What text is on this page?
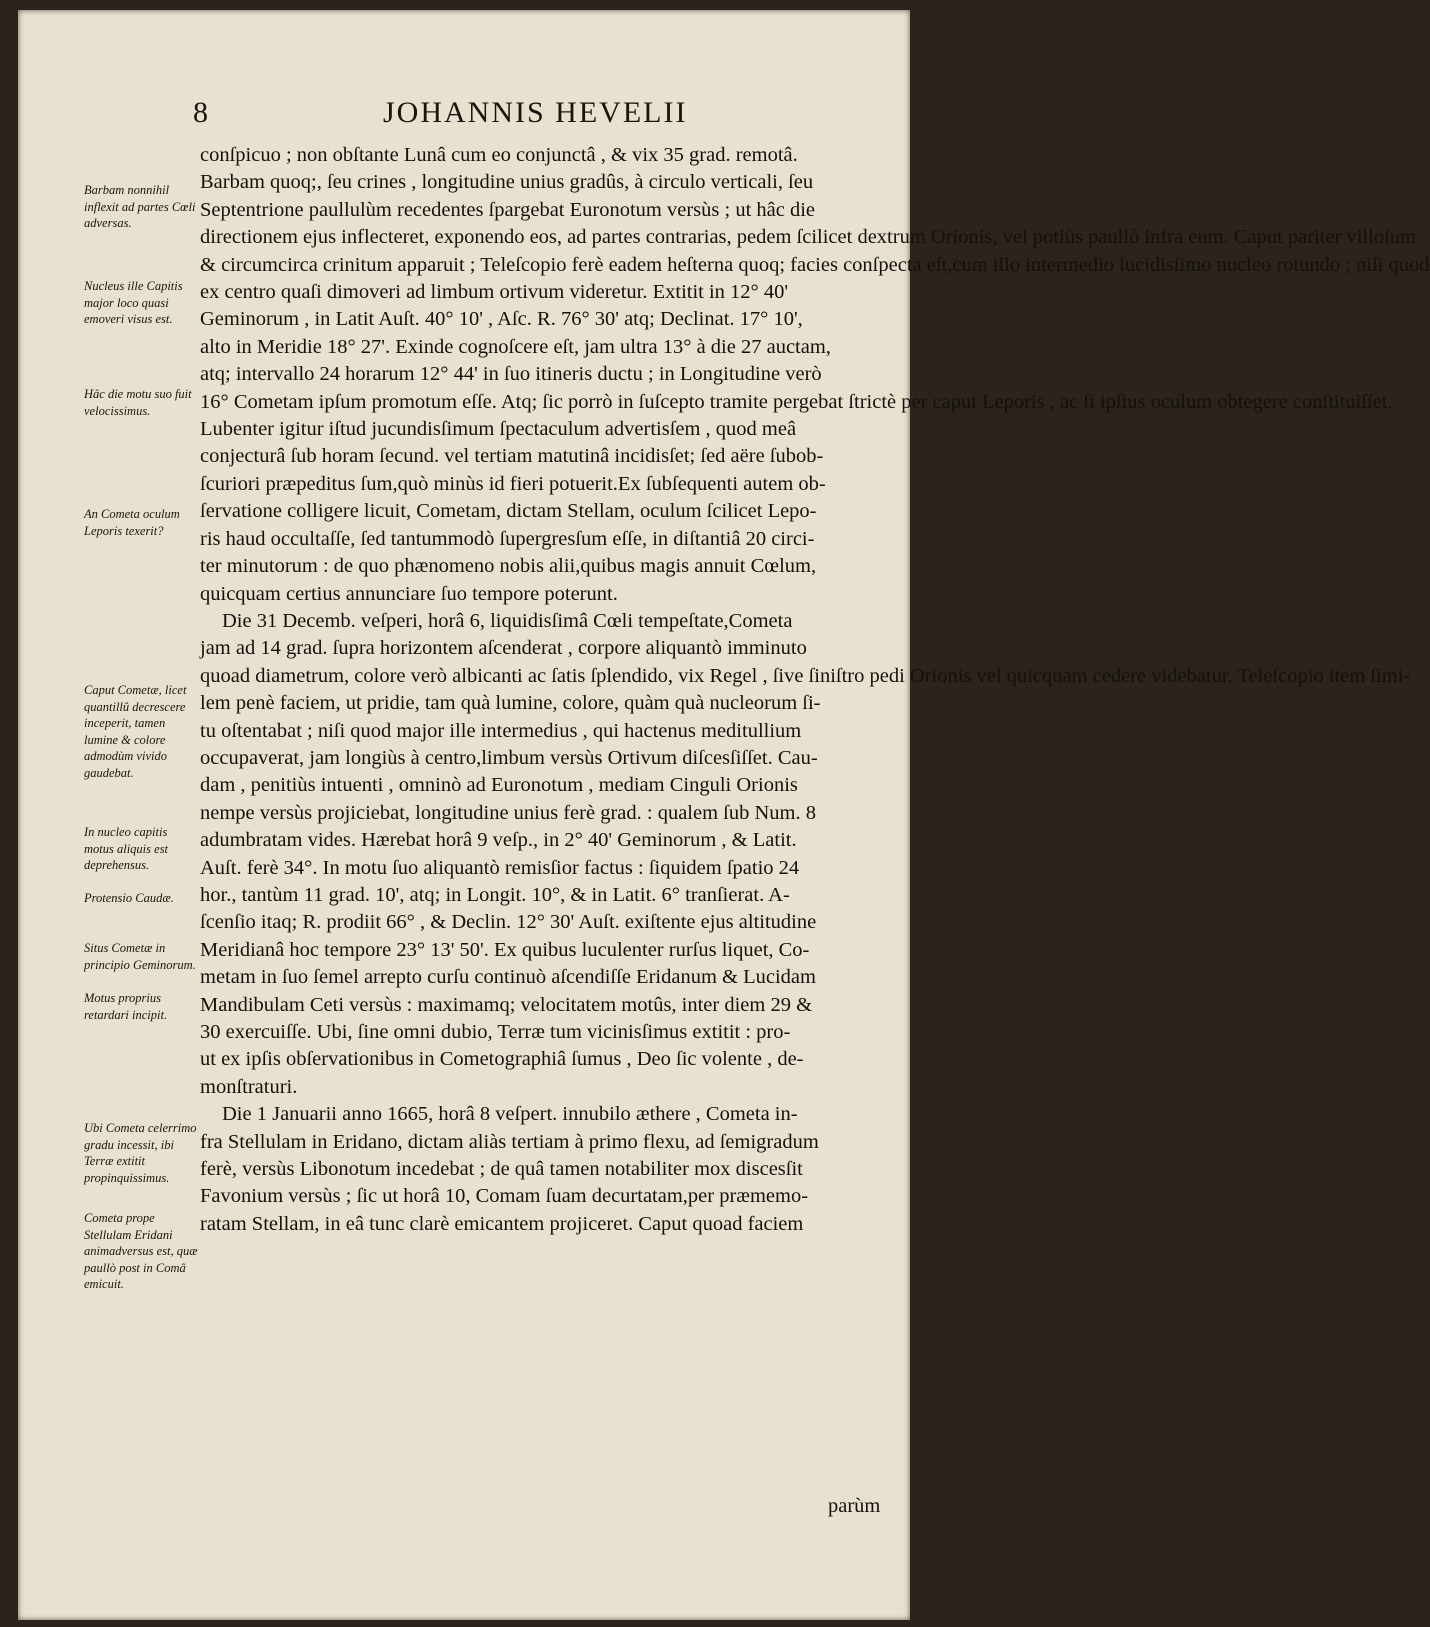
8	JOHANNIS HEVELII
Barbam nonnihil inflexit ad partes Cœli adversas.
Nucleus ille Capitis major loco quasi emoveri visus est.
Hâc die motu suo fuit velocissimus.
An Cometa oculum Leporis texerit?
Caput Cometæ, licet quantillû decrescere inceperit, tamen lumine & colore admodùm vivido gaudebat.
In nucleo capitis motus aliquis est deprehensus.
Protensio Caudæ.
Situs Cometæ in principio Geminorum.
Motus proprius retardari incipit.
Ubi Cometa celerrimo gradu incessit, ibi Terræ extitit propinquissimus.
Cometa prope Stellulam Eridani animadversus est, quæ paullò post in Comâ emicuit.
conſpicuo ; non obſtante Lunâ cum eo conjunctâ , & vix 35 grad. remotâ.
Barbam quoq;, ſeu crines , longitudine unius gradûs, à circulo verticali, ſeu
Septentrione paullulùm recedentes ſpargebat Euronotum versùs ; ut hâc die
directionem ejus inflecteret, exponendo eos, ad partes contrarias, pedem ſcilicet dextrum Orionis, vel potiùs paullò infra eum. Caput pariter villoſum
& circumcirca crinitum apparuit ; Teleſcopio ferè eadem heſterna quoq; facies conſpecta eſt,cum illo intermedio lucidisſimo nucleo rotundo ; niſi quod
ex centro quaſi dimoveri ad limbum ortivum videretur. Extitit in 12° 40'
Geminorum , in Latit Auſt. 40° 10' , Aſc. R. 76° 30' atq; Declinat. 17° 10',
alto in Meridie 18° 27'. Exinde cognoſcere eſt, jam ultra 13° à die 27 auctam,
atq; intervallo 24 horarum 12° 44' in ſuo itineris ductu ; in Longitudine verò
16° Cometam ipſum promotum eſſe. Atq; ſic porrò in ſuſcepto tramite pergebat ſtrictè per caput Leporis , ac ſi ipſius oculum obtegere conſtituiſſet.
Lubenter igitur iſtud jucundisſimum ſpectaculum advertisſem , quod meâ
conjecturâ ſub horam ſecund. vel tertiam matutinâ incidisſet; ſed aëre ſubob-
ſcuriori præpeditus ſum,quò minùs id fieri potuerit.Ex ſubſequenti autem ob-
ſervatione colligere licuit, Cometam, dictam Stellam, oculum ſcilicet Lepo-
ris haud occultaſſe, ſed tantummodò ſupergresſum eſſe, in diſtantiâ 20 circi-
ter minutorum : de quo phænomeno nobis alii,quibus magis annuit Cœlum,
quicquam certius annunciare ſuo tempore poterunt.
Die 31 Decemb. veſperi, horâ 6, liquidisſimâ Cœli tempeſtate,Cometa
jam ad 14 grad. ſupra horizontem aſcenderat , corpore aliquantò imminuto
quoad diametrum, colore verò albicanti ac ſatis ſplendido, vix Regel , ſive ſiniſtro pedi Orionis vel quicquam cedere videbatur. Teleſcopio item ſimi-
lem penè faciem, ut pridie, tam quà lumine, colore, quàm quà nucleorum ſi-
tu oſtentabat ; niſi quod major ille intermedius , qui hactenus meditullium
occupaverat, jam longiùs à centro,limbum versùs Ortivum diſcesſiſſet. Cau-
dam , penitiùs intuenti , omninò ad Euronotum , mediam Cinguli Orionis
nempe versùs projiciebat, longitudine unius ferè grad. : qualem ſub Num. 8
adumbratam vides. Hærebat horâ 9 veſp., in 2° 40' Geminorum , & Latit.
Auſt. ferè 34°. In motu ſuo aliquantò remisſior factus : ſiquidem ſpatio 24
hor., tantùm 11 grad. 10', atq; in Longit. 10°, & in Latit. 6° tranſierat. A-
ſcenſio itaq; R. prodiit 66° , & Declin. 12° 30' Auſt. exiſtente ejus altitudine
Meridianâ hoc tempore 23° 13' 50'. Ex quibus luculenter rurſus liquet, Co-
metam in ſuo ſemel arrepto curſu continuò aſcendiſſe Eridanum & Lucidam
Mandibulam Ceti versùs : maximamq; velocitatem motûs, inter diem 29 &
30 exercuiſſe. Ubi, ſine omni dubio, Terræ tum vicinisſimus extitit : pro-
ut ex ipſis obſervationibus in Cometographiâ ſumus , Deo ſic volente , de-
monſtraturi.
Die 1 Januarii anno 1665, horâ 8 veſpert. innubilo æthere , Cometa in-
fra Stellulam in Eridano, dictam aliàs tertiam à primo flexu, ad ſemigradum
ferè, versùs Libonotum incedebat ; de quâ tamen notabiliter mox discesſit
Favonium versùs ; ſic ut horâ 10, Comam ſuam decurtatam,per præmemo-
ratam Stellam, in eâ tunc clarè emicantem projiceret. Caput quoad faciem
parùm
